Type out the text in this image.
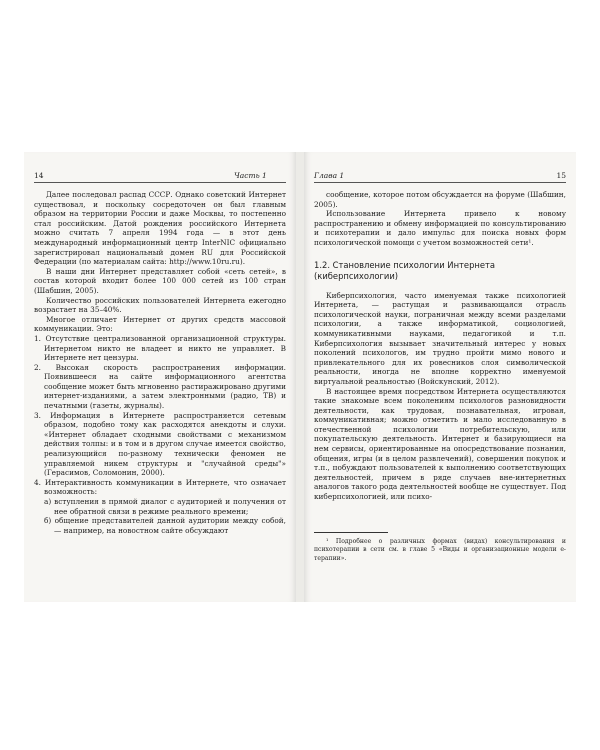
14	Часть 1	Глава 1	15

Далее последовал распад СССР. Однако советский Интернет существовал, и поскольку сосредоточен он был главным образом на территории России и даже Москвы, то постепенно стал российским. Датой рождения российского Интернета можно считать 7 апреля 1994 года — в этот день международный информационный центр InterNIC официально зарегистрировал национальный домен RU для Российской Федерации (по материалам сайта: http://www.10ru.ru).

В наши дни Интернет представляет собой «сеть сетей», в состав которой входит более 100 000 сетей из 100 стран (Шабшин, 2005).

Количество российских пользователей Интернета ежегодно возрастает на 35–40%.

Многое отличает Интернет от других средств массовой коммуникации. Это:

1. Отсутствие централизованной организационной структуры. Интернетом никто не владеет и никто не управляет. В Интернете нет цензуры.

2. Высокая скорость распространения информации. Появившееся на сайте информационного агентства сообщение может быть мгновенно растиражировано другими интернет-изданиями, а затем электронными (радио, ТВ) и печатными (газеты, журналы).

3. Информация в Интернете распространяется сетевым образом, подобно тому как расходятся анекдоты и слухи. «Интернет обладает сходными свойствами с механизмом действия толпы: и в том и в другом случае имеется свойство, реализующийся по-разному технически феномен не управляемой никем структуры и "случайной среды"» (Герасимов, Соломонин, 2000).

4. Интерактивность коммуникации в Интернете, что означает возможность:

а) вступления в прямой диалог с аудиторией и получения от нее обратной связи в режиме реального времени;

б) общение представителей данной аудитории между собой, — например, на новостном сайте обсуждают

сообщение, которое потом обсуждается на форуме (Шабшин, 2005).

Использование Интернета привело к новому распространению и обмену информацией по консультированию и психотерапии и дало импульс для поиска новых форм психологической помощи с учетом возможностей сети¹.

1.2. Становление психологии Интернета (киберпсихологии)

Киберпсихология, часто именуемая также психологией Интернета, — растущая и развивающаяся отрасль психологической науки, пограничная между всеми разделами психологии, а также информатикой, социологией, коммуникативными науками, педагогикой и т.п. Киберпсихология вызывает значительный интерес у новых поколений психологов, им трудно пройти мимо нового и привлекательного для их ровесников слоя символической реальности, иногда не вполне корректно именуемой виртуальной реальностью (Войскунский, 2012).

В настоящее время посредством Интернета осуществляются такие знакомые всем поколениям психологов разновидности деятельности, как трудовая, познавательная, игровая, коммуникативная; можно отметить и мало исследованную в отечественной психологии потребительскую, или покупательскую деятельность. Интернет и базирующиеся на нем сервисы, ориентированные на опосредствование познания, общения, игры (и в целом развлечений), совершения покупок и т.п., побуждают пользователей к выполнению соответствующих деятельностей, причем в ряде случаев вне-интернетных аналогов такого рода деятельностей вообще не существует. Под киберпсихологией, или психо-

¹ Подробнее о различных формах (видах) консультирования и психотерапии в сети см. в главе 5 «Виды и организационные модели e-терапии».
